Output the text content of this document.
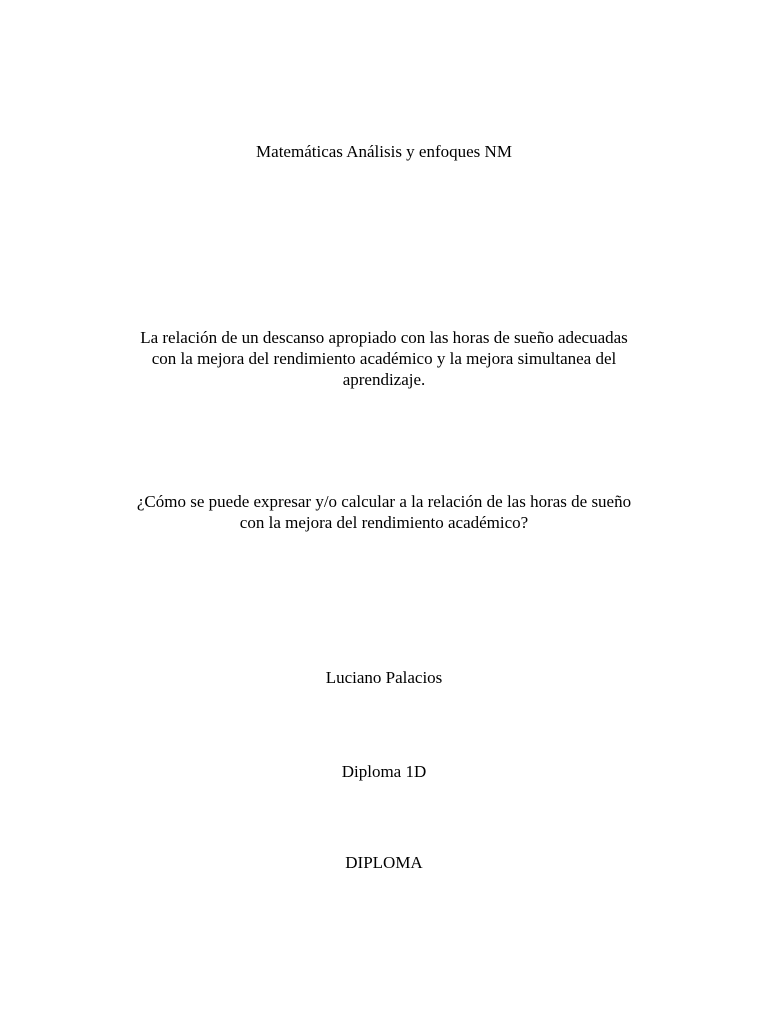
Matemáticas Análisis y enfoques NM
La relación de un descanso apropiado con las horas de sueño adecuadas
con la mejora del rendimiento académico y la mejora simultanea del
aprendizaje.
¿Cómo se puede expresar y/o calcular a la relación de las horas de sueño
con la mejora del rendimiento académico?
Luciano Palacios
Diploma 1D
DIPLOMA
